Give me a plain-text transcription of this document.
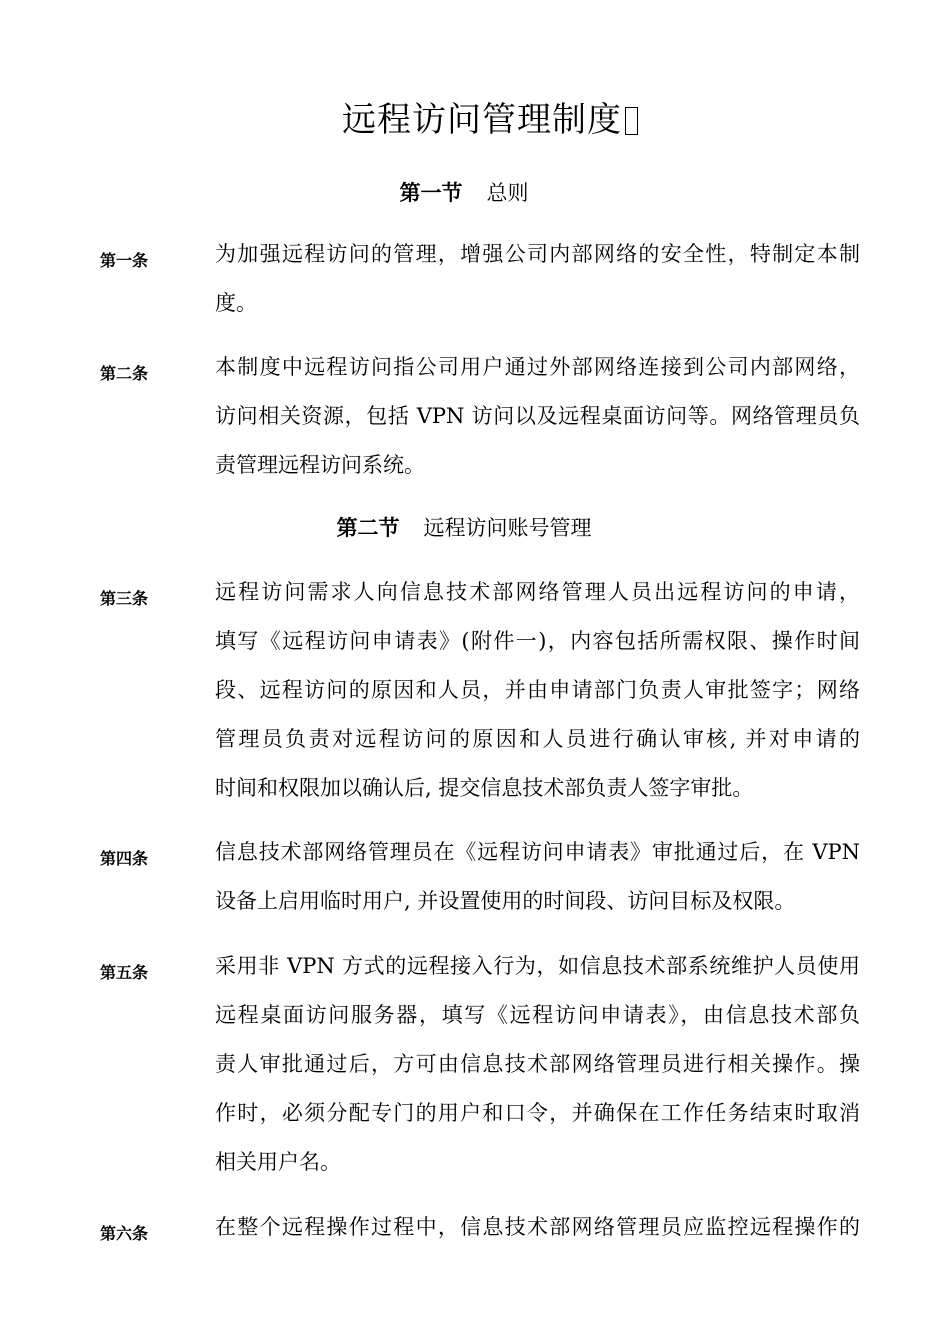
远程访问管理制度
第一节 总则
第一条	为加强远程访问的管理，增强公司内部网络的安全性，特制定本制
度。
第二条	本制度中远程访问指公司用户通过外部网络连接到公司内部网络，
访问相关资源，包括 VPN 访问以及远程桌面访问等。网络管理员负
责管理远程访问系统。
第二节 远程访问账号管理
第三条	远程访问需求人向信息技术部网络管理人员出远程访问的申请，
填写《远程访问申请表》(附件一)，内容包括所需权限、操作时间
段、远程访问的原因和人员，并由申请部门负责人审批签字；网络
管理员负责对远程访问的原因和人员进行确认审核, 并对申请的
时间和权限加以确认后, 提交信息技术部负责人签字审批。
第四条	信息技术部网络管理员在《远程访问申请表》审批通过后，在 VPN
设备上启用临时用户, 并设置使用的时间段、访问目标及权限。
第五条	采用非 VPN 方式的远程接入行为，如信息技术部系统维护人员使用
远程桌面访问服务器，填写《远程访问申请表》，由信息技术部负
责人审批通过后，方可由信息技术部网络管理员进行相关操作。操
作时，必须分配专门的用户和口令，并确保在工作任务结束时取消
相关用户名。
第六条	在整个远程操作过程中，信息技术部网络管理员应监控远程操作的
